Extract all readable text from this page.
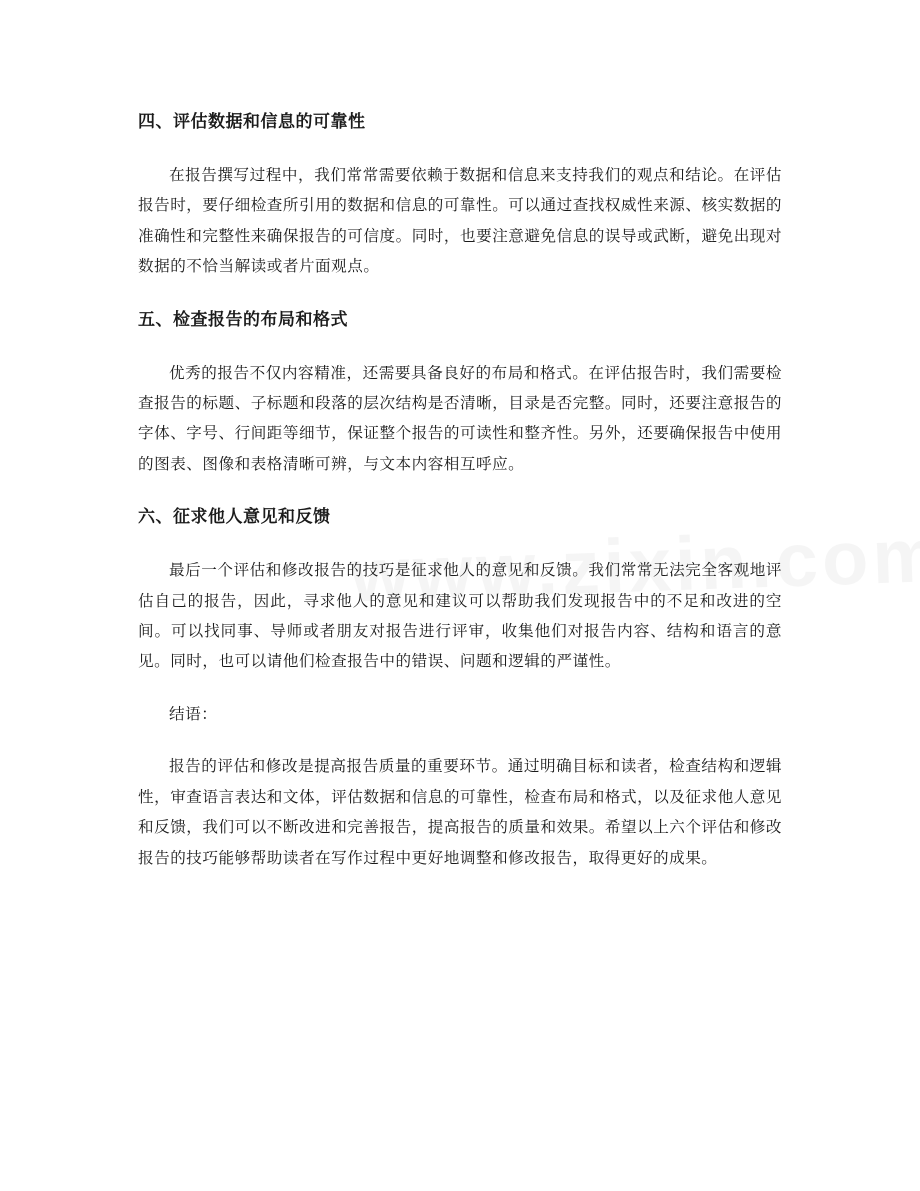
四、评估数据和信息的可靠性

在报告撰写过程中，我们常常需要依赖于数据和信息来支持我们的观点和结论。在评估报告时，要仔细检查所引用的数据和信息的可靠性。可以通过查找权威性来源、核实数据的准确性和完整性来确保报告的可信度。同时，也要注意避免信息的误导或武断，避免出现对数据的不恰当解读或者片面观点。

五、检查报告的布局和格式

优秀的报告不仅内容精准，还需要具备良好的布局和格式。在评估报告时，我们需要检查报告的标题、子标题和段落的层次结构是否清晰，目录是否完整。同时，还要注意报告的字体、字号、行间距等细节，保证整个报告的可读性和整齐性。另外，还要确保报告中使用的图表、图像和表格清晰可辨，与文本内容相互呼应。

六、征求他人意见和反馈

最后一个评估和修改报告的技巧是征求他人的意见和反馈。我们常常无法完全客观地评估自己的报告，因此，寻求他人的意见和建议可以帮助我们发现报告中的不足和改进的空间。可以找同事、导师或者朋友对报告进行评审，收集他们对报告内容、结构和语言的意见。同时，也可以请他们检查报告中的错误、问题和逻辑的严谨性。

结语：

报告的评估和修改是提高报告质量的重要环节。通过明确目标和读者，检查结构和逻辑性，审查语言表达和文体，评估数据和信息的可靠性，检查布局和格式，以及征求他人意见和反馈，我们可以不断改进和完善报告，提高报告的质量和效果。希望以上六个评估和修改报告的技巧能够帮助读者在写作过程中更好地调整和修改报告，取得更好的成果。
